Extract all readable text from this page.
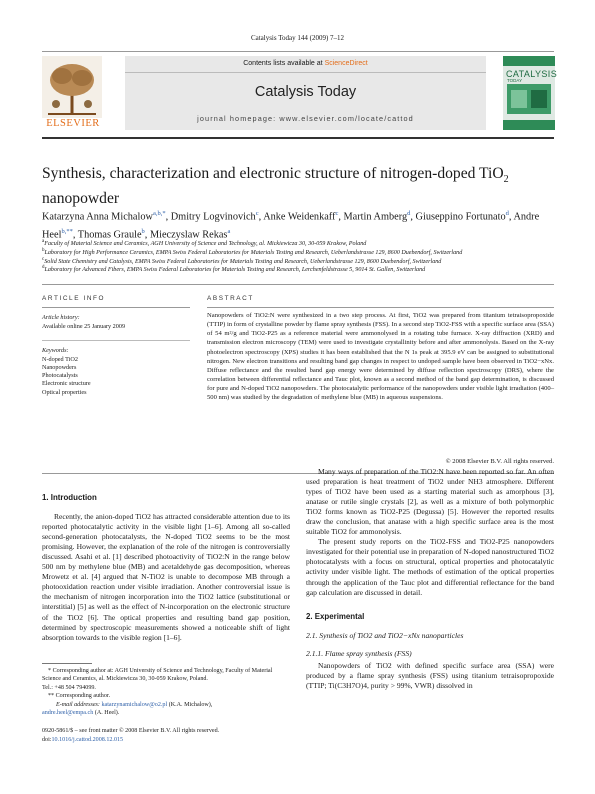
Catalysis Today 144 (2009) 7–12
ELSEVIER
Contents lists available at ScienceDirect
Catalysis Today
journal homepage: www.elsevier.com/locate/cattod
CATALYSIS
TODAY
Synthesis, characterization and electronic structure of nitrogen-doped TiO$_2$
nanopowder
Katarzyna Anna Michalow$^{a,b,*}$, Dmitry Logvinovich$^c$, Anke Weidenkaff$^c$, Martin Amberg$^d$, Giuseppino Fortunato$^d$, Andre Heel$^{b,**}$, Thomas Graule$^b$, Mieczyslaw Rekas$^a$
$^a$Faculty of Material Science and Ceramics, AGH University of Science and Technology, al. Mickiewicza 30, 30-059 Krakow, Poland
$^b$Laboratory for High Performance Ceramics, EMPA Swiss Federal Laboratories for Materials Testing and Research, Ueberlandstrasse 129, 8600 Duebendorf, Switzerland
$^c$Solid State Chemistry and Catalysis, EMPA Swiss Federal Laboratories for Materials Testing and Research, Ueberlandstrasse 129, 8600 Duebendorf, Switzerland
$^d$Laboratory for Advanced Fibers, EMPA Swiss Federal Laboratories for Materials Testing and Research, Lerchenfeldstrasse 5, 9014 St. Gallen, Switzerland
ARTICLE INFO
Article history:
Available online 25 January 2009
Keywords:
N-doped TiO2
Nanopowders
Photocatalysts
Electronic structure
Optical properties
ABSTRACT
Nanopowders of TiO2:N were synthesized in a two step process. At first, TiO2 was prepared from titanium tetraisopropoxide (TTIP) in form of crystalline powder by flame spray synthesis (FSS). In a second step TiO2-FSS with a specific surface area (SSA) of 54 m²/g and TiO2-P25 as a reference material were ammonolysed in a rotating tube furnace. X-ray diffraction (XRD) and transmission electron microscopy (TEM) were used to investigate crystallinity before and after ammonolysis. Based on the X-ray photoelectron spectroscopy (XPS) studies it has been established that the N 1s peak at 395.9 eV can be assigned to substitutional nitrogen. New electron transitions and resulting band gap changes in respect to undoped sample have been observed in TiO2−xNx. Diffuse reflectance and the resulted band gap energy were determined by diffuse reflection spectroscopy (DRS), where the correlation between differential reflectance and Tauc plot, known as a second method of the band gap determination, is discussed for pure and N-doped TiO2 nanopowders. The photocatalytic performance of the nanopowders under visible light irradiation (400–500 nm) was studied by the degradation of methylene blue (MB) in aqueous suspensions.
© 2008 Elsevier B.V. All rights reserved.
1. Introduction

Recently, the anion-doped TiO2 has attracted considerable attention due to its reported photocatalytic activity in the visible light [1–6]. Among all so-called second-generation photocatalysts, the N-doped TiO2 seems to be the most promising. However, the explanation of the role of the nitrogen is controversially discussed. Asahi et al. [1] described photoactivity of TiO2:N in the range below 500 nm by methylene blue (MB) and acetaldehyde gas decomposition, whereas Mrowetz et al. [4] argued that N-TiO2 is unable to decompose MB through a photooxidation reaction under visible irradiation. Another controversial issue is the mechanism of nitrogen incorporation into the TiO2 lattice (substitutional or interstitial) [5] as well as the effect of N-incorporation on the electronic structure of the TiO2 [6]. The optical properties and resulting band gap position, determined by spectroscopic measurements showed a noticeable shift of light absorption towards to the visible region [1–6].

* Corresponding author at: AGH University of Science and Technology, Faculty of Material Science and Ceramics, al. Mickiewicza 30, 30-059 Krakow, Poland.
Tel.: +48 504 794099.
** Corresponding author.
E-mail addresses: katarzynamichalow@o2.pl (K.A. Michalow),
andre.heel@empa.ch (A. Heel).
0920-5861/$ – see front matter © 2008 Elsevier B.V. All rights reserved.
doi:10.1016/j.cattod.2008.12.015

Many ways of preparation of the TiO2:N have been reported so far. An often used preparation is heat treatment of TiO2 under NH3 atmosphere. Different types of TiO2 have been used as a starting material such as amorphous [3], anatase or rutile single crystals [2], as well as a mixture of both polymorphic TiO2 forms known as TiO2-P25 (Degussa) [5]. However the reported results draw the conclusion, that anatase with a high specific surface area is the most suitable TiO2 for ammonolysis.

The present study reports on the TiO2-FSS and TiO2-P25 nanopowders investigated for their potential use in preparation of N-doped nanostructured TiO2 photocatalysts with a focus on structural, optical properties and photocatalytic activity under visible light. The methods of estimation of the optical properties through the application of the Tauc plot and differential reflectance for the band gap calculation are discussed in detail.

2. Experimental
2.1. Synthesis of TiO2 and TiO2−xNx nanoparticles
2.1.1. Flame spray synthesis (FSS)

Nanopowders of TiO2 with defined specific surface area (SSA) were produced by a flame spray synthesis (FSS) using titanium tetraisopropoxide (TTIP; Ti(C3H7O)4, purity > 99%, VWR) dissolved in
